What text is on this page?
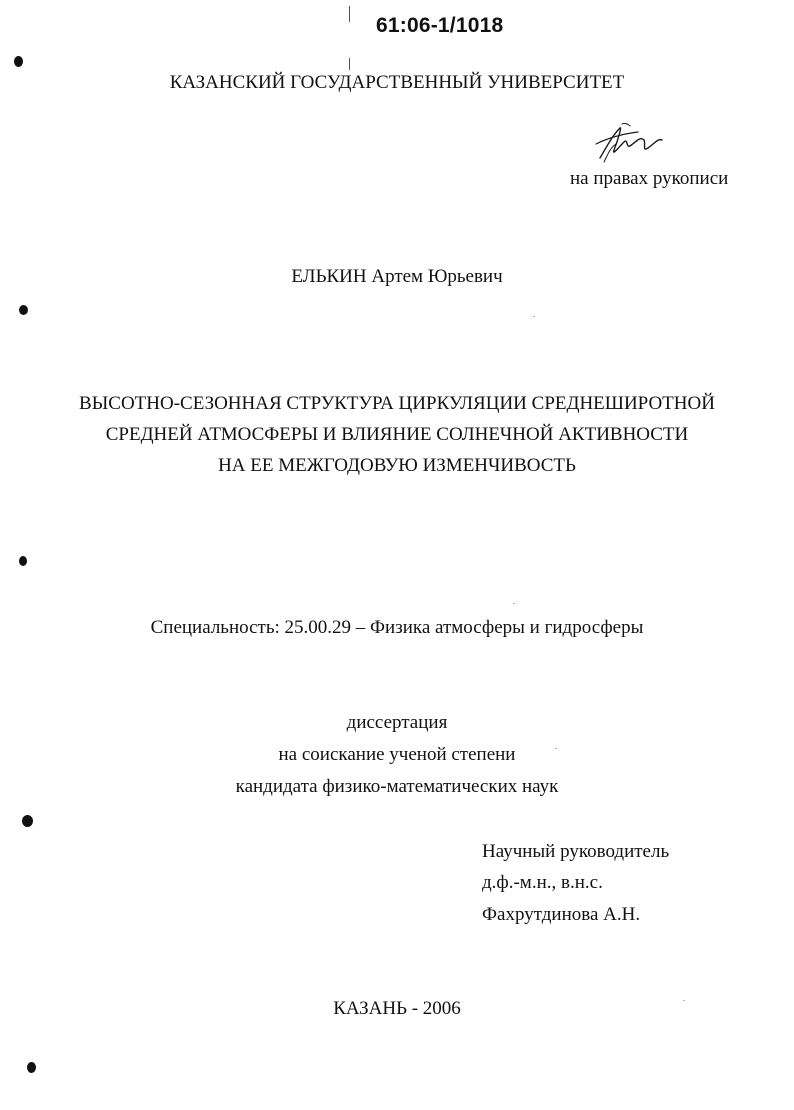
61:06-1/1018
КАЗАНСКИЙ ГОСУДАРСТВЕННЫЙ УНИВЕРСИТЕТ
на правах рукописи
ЕЛЬКИН Артем Юрьевич
ВЫСОТНО-СЕЗОННАЯ СТРУКТУРА ЦИРКУЛЯЦИИ СРЕДНЕШИРОТНОЙ
СРЕДНЕЙ АТМОСФЕРЫ И ВЛИЯНИЕ СОЛНЕЧНОЙ АКТИВНОСТИ
НА ЕЕ МЕЖГОДОВУЮ ИЗМЕНЧИВОСТЬ
Специальность: 25.00.29 – Физика атмосферы и гидросферы
диссертация
на соискание ученой степени
кандидата физико-математических наук
Научный руководитель
д.ф.-м.н., в.н.с.
Фахрутдинова А.Н.
КАЗАНЬ - 2006
